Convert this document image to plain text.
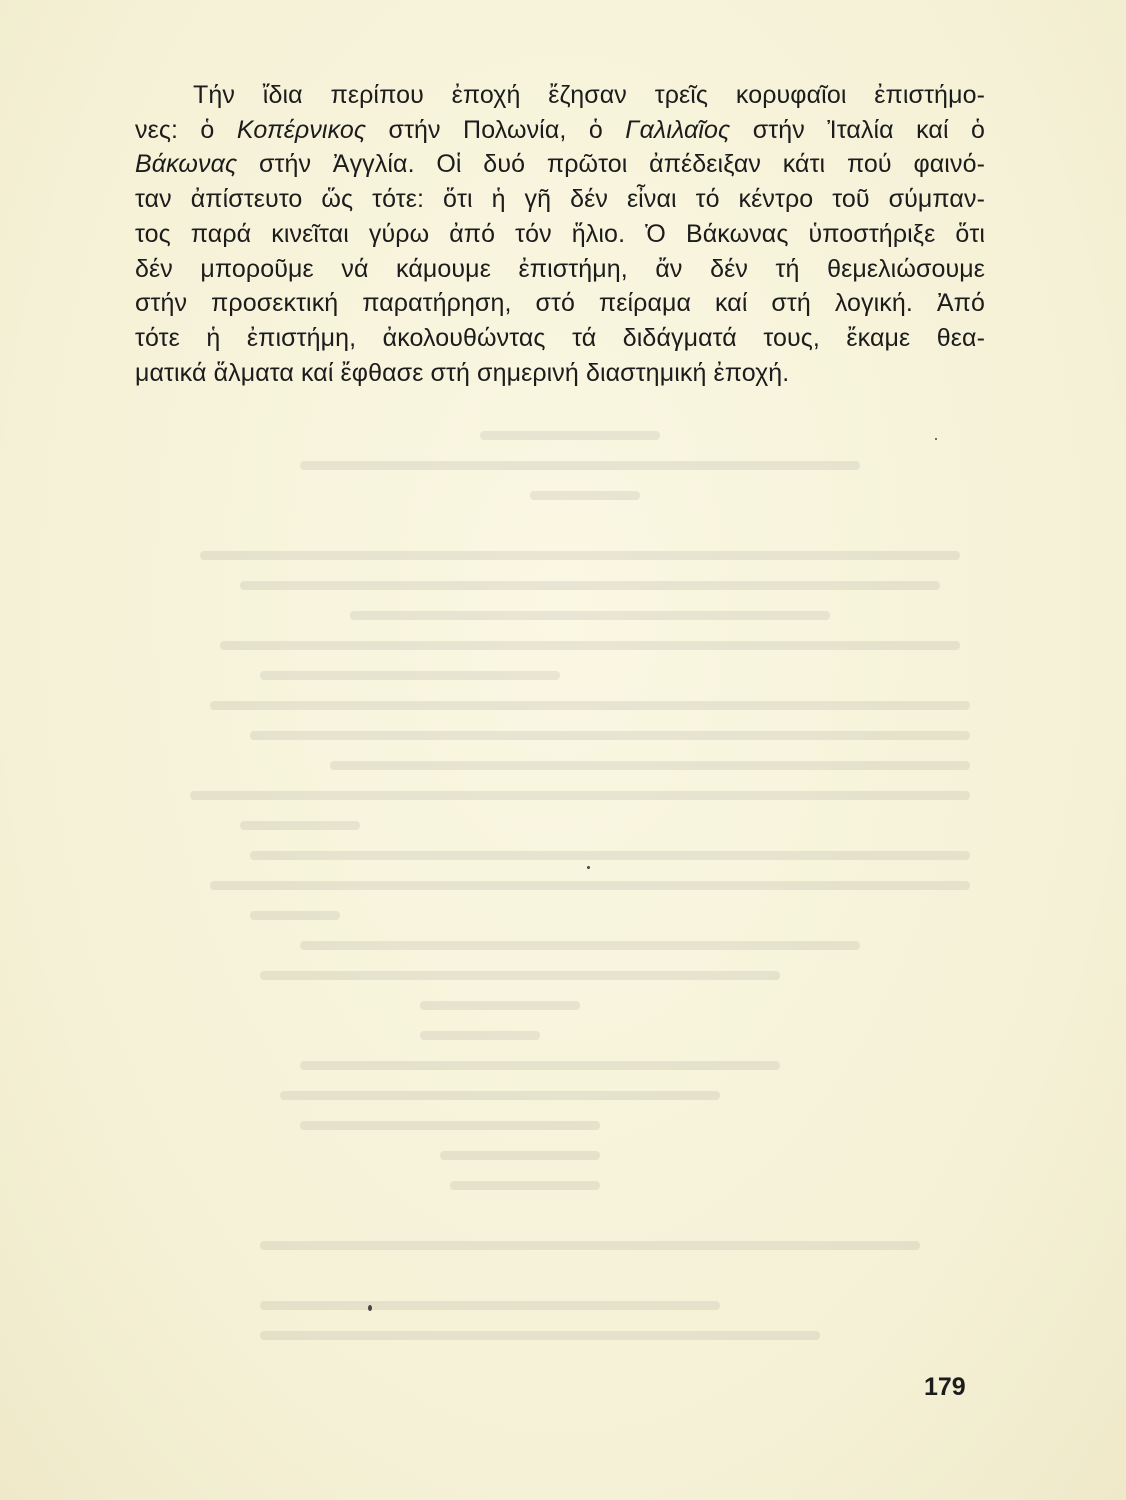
Τήν ἴδια περίπου ἐποχή ἔζησαν τρεῖς κορυφαῖοι ἐπιστήμο-
νες: ὁ Κοπέρνικος στήν Πολωνία, ὁ Γαλιλαῖος στήν Ἰταλία καί ὁ
Βάκωνας στήν Ἀγγλία. Οἱ δυό πρῶτοι ἀπέδειξαν κάτι πού φαινό-
ταν ἀπίστευτο ὥς τότε: ὅτι ἡ γῆ δέν εἶναι τό κέντρο τοῦ σύμπαν-
τος παρά κινεῖται γύρω ἀπό τόν ἥλιο. Ὁ Βάκωνας ὑποστήριξε ὅτι
δέν μποροῦμε νά κάμουμε ἐπιστήμη, ἄν δέν τή θεμελιώσουμε
στήν προσεκτική παρατήρηση, στό πείραμα καί στή λογική. Ἀπό
τότε ἡ ἐπιστήμη, ἀκολουθώντας τά διδάγματά τους, ἔκαμε θεα-
ματικά ἅλματα καί ἔφθασε στή σημερινή διαστημική ἐποχή.
179
